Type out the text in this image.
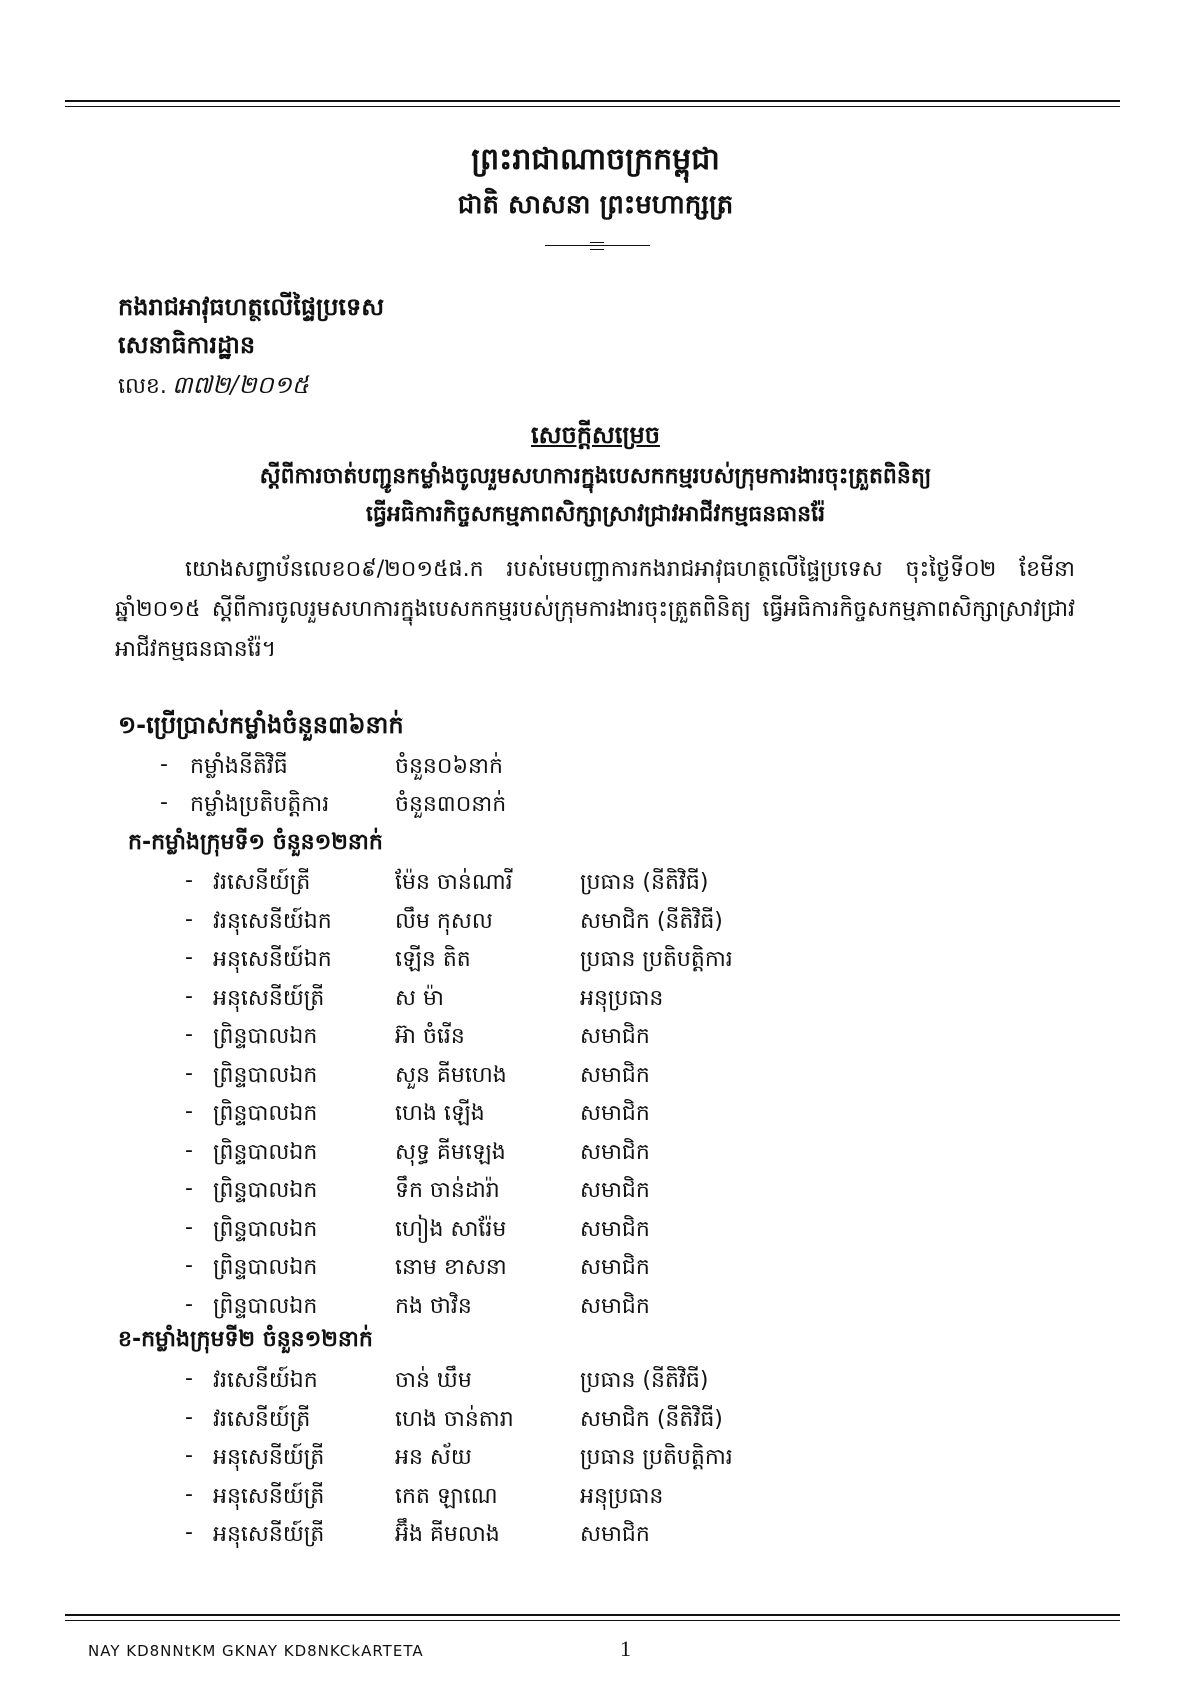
ព្រះរាជាណាចក្រកម្ពុជា
ជាតិ សាសនា ព្រះមហាក្សត្រ
កងរាជអាវុធហត្ថលើផ្ទៃប្រទេស
សេនាធិការដ្ឋាន
លេខ. ៣៧២/២០១៥
សេចក្តីសម្រេច
ស្តីពីការចាត់បញ្ជូនកម្លាំងចូលរួមសហការក្នុងបេសកកម្មរបស់ក្រុមការងារចុះត្រួតពិនិត្យ
ធ្វើអធិការកិច្ចសកម្មភាពសិក្សាស្រាវជ្រាវអាជីវកម្មធនធានរ៉ែ
យោងសព្វាប័នលេខ០៩/២០១៥ផ.ក របស់មេបញ្ជាការកងរាជអាវុធហត្ថលើផ្ទៃប្រទេស ចុះថ្ងៃទី០២ ខែមីនា ឆ្នាំ២០១៥ ស្តីពីការចូលរួមសហការក្នុងបេសកកម្មរបស់ក្រុមការងារចុះត្រួតពិនិត្យ ធ្វើអធិការកិច្ចសកម្មភាពសិក្សាស្រាវជ្រាវអាជីវកម្មធនធានរ៉ែ។
១-ប្រើប្រាស់កម្លាំងចំនួន៣៦នាក់
- កម្លាំងនីតិវិធី	ចំនួន០៦នាក់
- កម្លាំងប្រតិបត្តិការ	ចំនួន៣០នាក់
ក-កម្លាំងក្រុមទី១ ចំនួន១២នាក់
- វរសេនីយ៍ត្រី	ម៉ែន ចាន់ណារី	ប្រធាន (នីតិវិធី)
- វរនុសេនីយ៍ឯក	លឹម កុសល	សមាជិក (នីតិវិធី)
- អនុសេនីយ៍ឯក	ឡើន តិត	ប្រធាន ប្រតិបត្តិការ
- អនុសេនីយ៍ត្រី	ស ម៉ា	អនុប្រធាន
- ព្រិន្ទបាលឯក	អ៊ា ចំរើន	សមាជិក
- ព្រិន្ទបាលឯក	សួន គីមហេង	សមាជិក
- ព្រិន្ទបាលឯក	ហេង ឡើង	សមាជិក
- ព្រិន្ទបាលឯក	សុទ្ធ គីមឡេង	សមាជិក
- ព្រិន្ទបាលឯក	ទឹក ចាន់ដារ៉ា	សមាជិក
- ព្រិន្ទបាលឯក	ហៀង សារ៉ែម	សមាជិក
- ព្រិន្ទបាលឯក	នោម ខាសនា	សមាជិក
- ព្រិន្ទបាលឯក	កង ថាវិន	សមាជិក
ខ-កម្លាំងក្រុមទី២ ចំនួន១២នាក់
- វរសេនីយ៍ឯក	ចាន់ ឃឹម	ប្រធាន (នីតិវិធី)
- វរសេនីយ៍ត្រី	ហេង ចាន់តារា	សមាជិក (នីតិវិធី)
- អនុសេនីយ៍ត្រី	អន ស័យ	ប្រធាន ប្រតិបត្តិការ
- អនុសេនីយ៍ត្រី	កេត ឡាណេ	អនុប្រធាន
- អនុសេនីយ៍ត្រី	អ៊ឹង គីមលាង	សមាជិក
NAY KD8NNtKM GKNAY KD8NKCkARTETA	1
